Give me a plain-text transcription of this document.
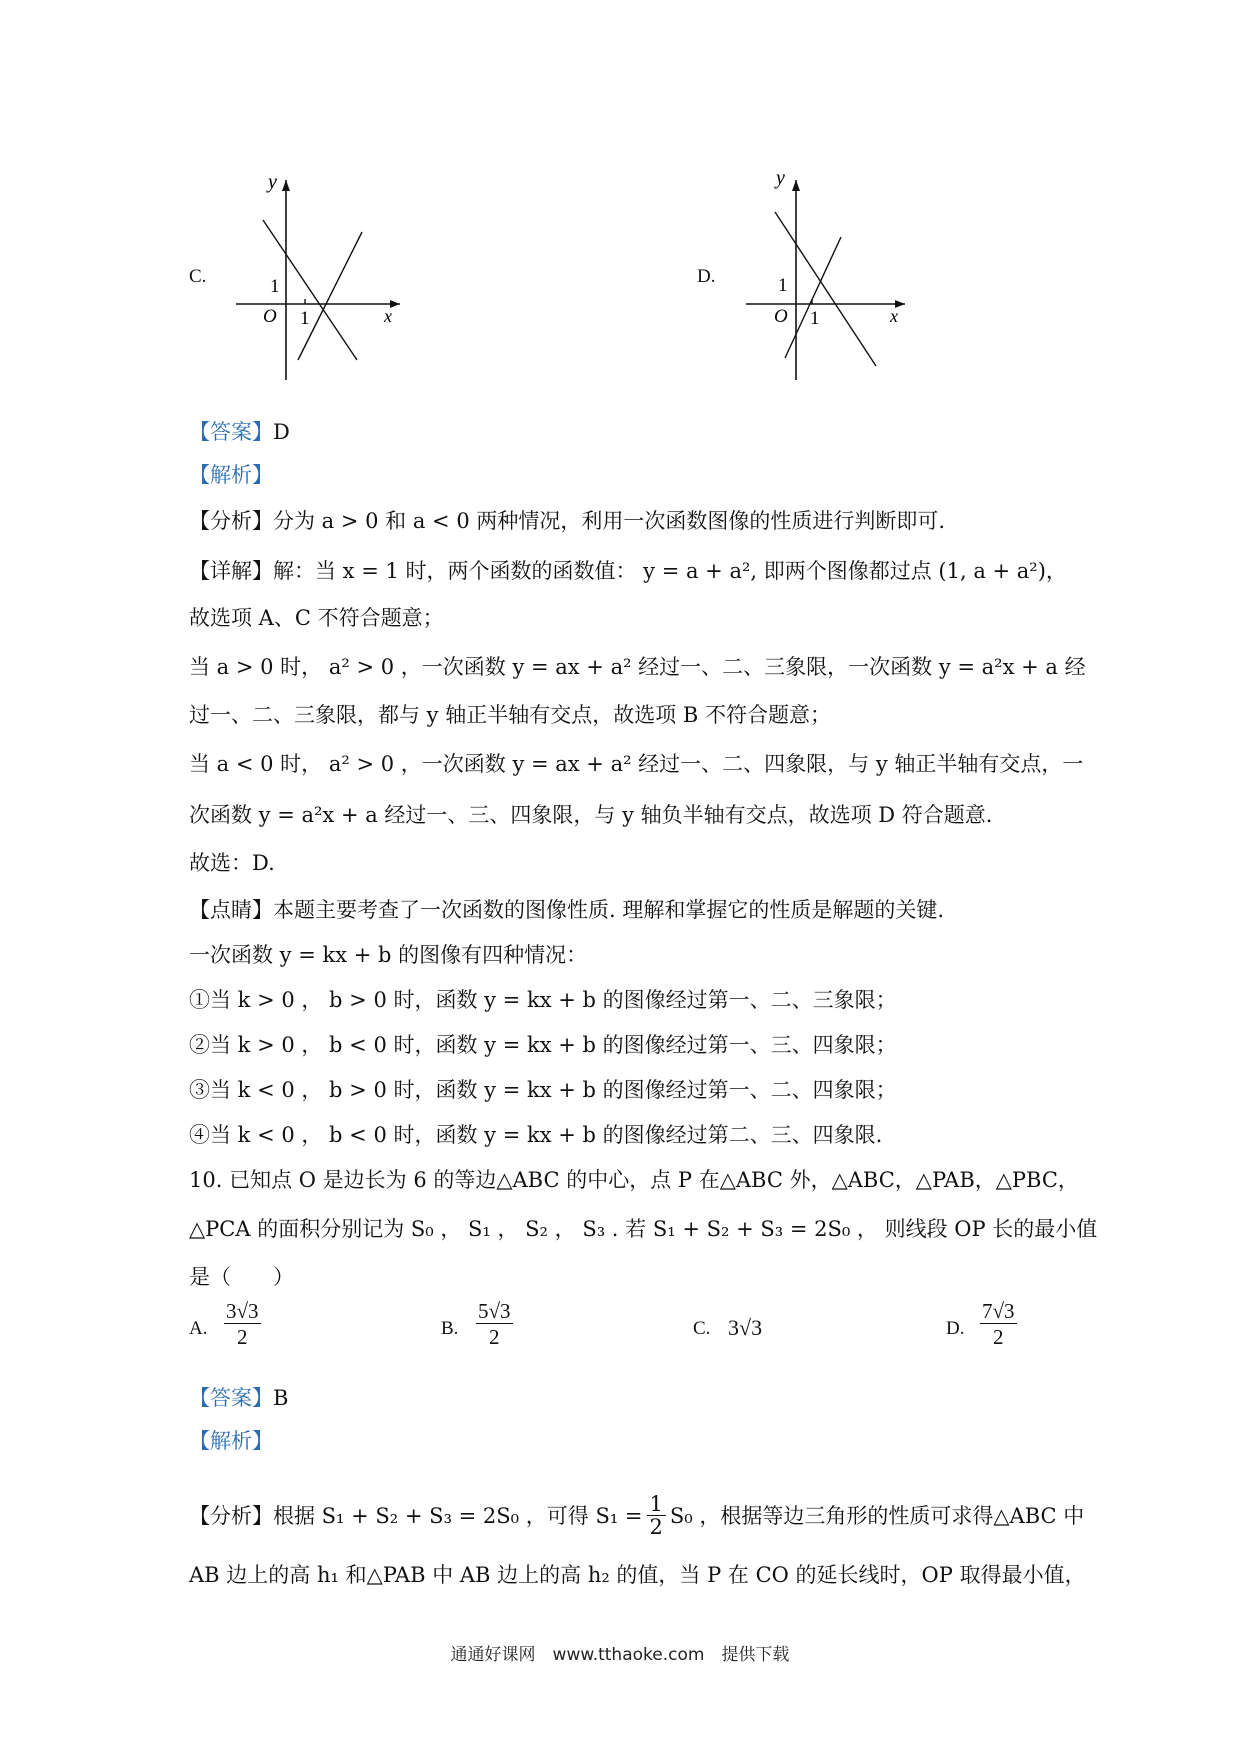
C.
y
x
O 1
1	D.
y
x
O 1
1
【答案】D
【解析】
【分析】分为 a > 0 和 a < 0 两种情况，利用一次函数图像的性质进行判断即可.
【详解】解：当 x = 1 时，两个函数的函数值： y = a + a², 即两个图像都过点 (1, a + a²)，
故选项 A、C 不符合题意；
当 a > 0 时， a² > 0 ，一次函数 y = ax + a² 经过一、二、三象限，一次函数 y = a²x + a 经
过一、二、三象限，都与 y 轴正半轴有交点，故选项 B 不符合题意；
当 a < 0 时， a² > 0 ，一次函数 y = ax + a² 经过一、二、四象限，与 y 轴正半轴有交点，一
次函数 y = a²x + a 经过一、三、四象限，与 y 轴负半轴有交点，故选项 D 符合题意.
故选：D.
【点睛】本题主要考查了一次函数的图像性质. 理解和掌握它的性质是解题的关键.
一次函数 y = kx + b 的图像有四种情况：
①当 k > 0 ， b > 0 时，函数 y = kx + b 的图像经过第一、二、三象限；
②当 k > 0 ， b < 0 时，函数 y = kx + b 的图像经过第一、三、四象限；
③当 k < 0 ， b > 0 时，函数 y = kx + b 的图像经过第一、二、四象限；
④当 k < 0 ， b < 0 时，函数 y = kx + b 的图像经过第二、三、四象限.
10. 已知点 O 是边长为 6 的等边△ABC 的中心，点 P 在△ABC 外，△ABC，△PAB，△PBC，
△PCA 的面积分别记为 S₀ ， S₁ ， S₂ ， S₃ . 若 S₁ + S₂ + S₃ = 2S₀ ， 则线段 OP 长的最小值
是（　　）
A. $\frac{3√3}{2}$	B. $\frac{5√3}{2}$	C. 3√3	D. $\frac{7√3}{2}$
【答案】B
【解析】
【分析】 根据 S₁ + S₂ + S₃ = 2S₀ ，可得 $S_1 = \frac{1}{2} S_0$ ，根据等边三角形的性质可求得△ABC 中
AB 边上的高 h₁ 和△PAB 中 AB 边上的高 h₂ 的值，当 P 在 CO 的延长线时，OP 取得最小值，
通通好课网　www.tthaoke.com　提供下载
